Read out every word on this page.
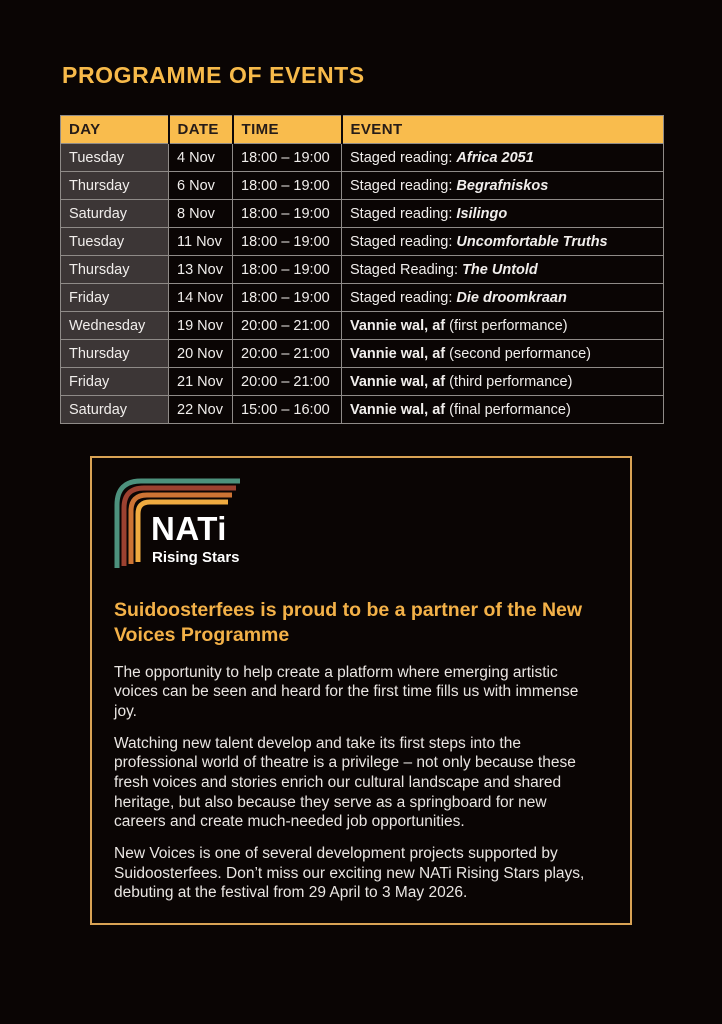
PROGRAMME OF EVENTS
DAY	DATE	TIME	EVENT
Tuesday	4 Nov	18:00 – 19:00	Staged reading: Africa 2051
Thursday	6 Nov	18:00 – 19:00	Staged reading: Begrafniskos
Saturday	8 Nov	18:00 – 19:00	Staged reading: Isilingo
Tuesday	11 Nov	18:00 – 19:00	Staged reading: Uncomfortable Truths
Thursday	13 Nov	18:00 – 19:00	Staged Reading: The Untold
Friday	14 Nov	18:00 – 19:00	Staged reading: Die droomkraan
Wednesday	19 Nov	20:00 – 21:00	Vannie wal, af (first performance)
Thursday	20 Nov	20:00 – 21:00	Vannie wal, af (second performance)
Friday	21 Nov	20:00 – 21:00	Vannie wal, af (third performance)
Saturday	22 Nov	15:00 – 16:00	Vannie wal, af (final performance)
NATi
Rising Stars
Suidoosterfees is proud to be a partner of the New Voices Programme

The opportunity to help create a platform where emerging artistic voices can be seen and heard for the first time fills us with immense joy.

Watching new talent develop and take its first steps into the professional world of theatre is a privilege – not only because these fresh voices and stories enrich our cultural landscape and shared heritage, but also because they serve as a springboard for new careers and create much-needed job opportunities.

New Voices is one of several development projects supported by Suidoosterfees. Don’t miss our exciting new NATi Rising Stars plays, debuting at the festival from 29 April to 3 May 2026.
